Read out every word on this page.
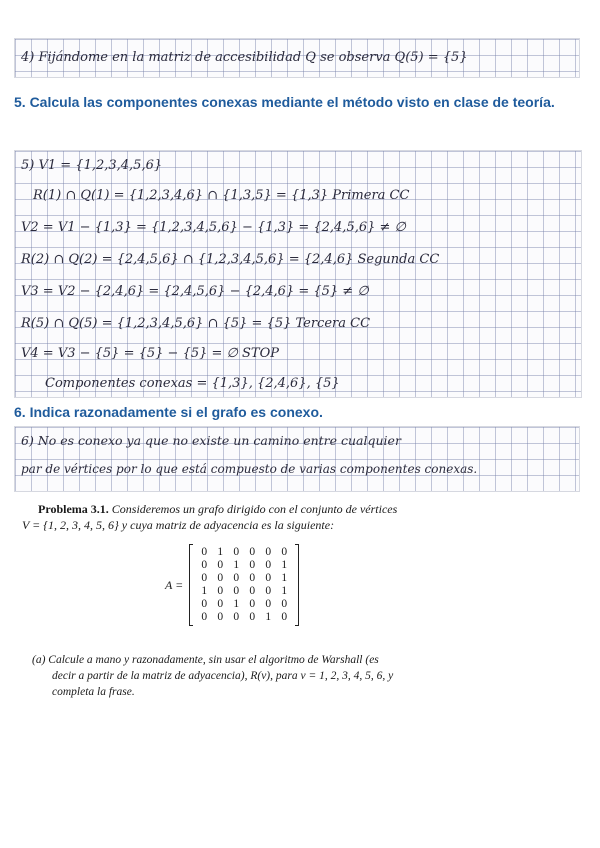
4) Fijándome en la matriz de accesibilidad Q se observa Q(5) = {5}
5. Calcula las componentes conexas mediante el método visto en clase de teoría.
5) V1 = {1,2,3,4,5,6}
R(1) ∩ Q(1) = {1,2,3,4,6} ∩ {1,3,5} = {1,3} Primera CC
V2 = V1 − {1,3} = {1,2,3,4,5,6} − {1,3} = {2,4,5,6} ≠ ∅
R(2) ∩ Q(2) = {2,4,5,6} ∩ {1,2,3,4,5,6} = {2,4,6} Segunda CC
V3 = V2 − {2,4,6} = {2,4,5,6} − {2,4,6} = {5} ≠ ∅
R(5) ∩ Q(5) = {1,2,3,4,5,6} ∩ {5} = {5} Tercera CC
V4 = V3 − {5} = {5} − {5} = ∅ STOP
Componentes conexas = {1,3}, {2,4,6}, {5}
6. Indica razonadamente si el grafo es conexo.
6) No es conexo ya que no existe un camino entre cualquier
par de vértices por lo que está compuesto de varias componentes conexas.
Problema 3.1. Consideremos un grafo dirigido con el conjunto de vértices
V = {1, 2, 3, 4, 5, 6} y cuya matriz de adyacencia es la siguiente:
A =
0 1 0 0 0 0
0 0 1 0 0 1
0 0 0 0 0 1
1 0 0 0 0 1
0 0 1 0 0 0
0 0 0 0 1 0
(a) Calcule a mano y razonadamente, sin usar el algoritmo de Warshall (es
decir a partir de la matriz de adyacencia), R(v), para v = 1, 2, 3, 4, 5, 6, y
completa la frase.
